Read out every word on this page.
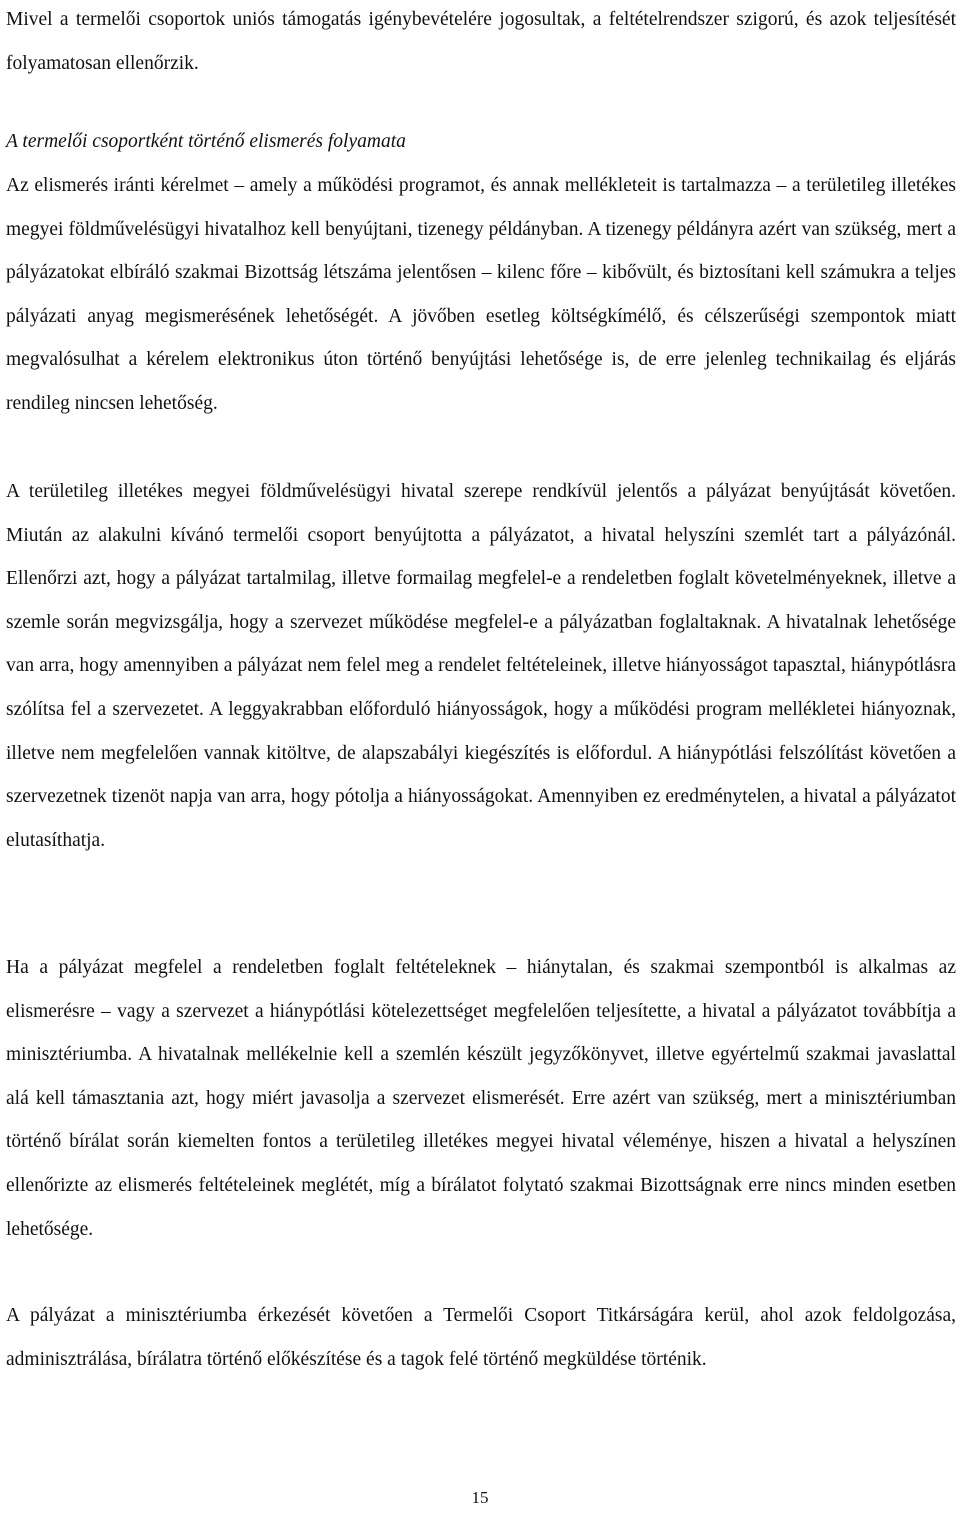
Mivel a termelői csoportok uniós támogatás igénybevételére jogosultak, a feltételrendszer szigorú, és azok teljesítését folyamatosan ellenőrzik.

A termelői csoportként történő elismerés folyamata

Az elismerés iránti kérelmet – amely a működési programot, és annak mellékleteit is tartalmazza – a területileg illetékes megyei földművelésügyi hivatalhoz kell benyújtani, tizenegy példányban. A tizenegy példányra azért van szükség, mert a pályázatokat elbíráló szakmai Bizottság létszáma jelentősen – kilenc főre – kibővült, és biztosítani kell számukra a teljes pályázati anyag megismerésének lehetőségét. A jövőben esetleg költségkímélő, és célszerűségi szempontok miatt megvalósulhat a kérelem elektronikus úton történő benyújtási lehetősége is, de erre jelenleg technikailag és eljárás rendileg nincsen lehetőség.

A területileg illetékes megyei földművelésügyi hivatal szerepe rendkívül jelentős a pályázat benyújtását követően. Miután az alakulni kívánó termelői csoport benyújtotta a pályázatot, a hivatal helyszíni szemlét tart a pályázónál. Ellenőrzi azt, hogy a pályázat tartalmilag, illetve formailag megfelel-e a rendeletben foglalt követelményeknek, illetve a szemle során megvizsgálja, hogy a szervezet működése megfelel-e a pályázatban foglaltaknak. A hivatalnak lehetősége van arra, hogy amennyiben a pályázat nem felel meg a rendelet feltételeinek, illetve hiányosságot tapasztal, hiánypótlásra szólítsa fel a szervezetet. A leggyakrabban előforduló hiányosságok, hogy a működési program mellékletei hiányoznak, illetve nem megfelelően vannak kitöltve, de alapszabályi kiegészítés is előfordul. A hiánypótlási felszólítást követően a szervezetnek tizenöt napja van arra, hogy pótolja a hiányosságokat. Amennyiben ez eredménytelen, a hivatal a pályázatot elutasíthatja.

Ha a pályázat megfelel a rendeletben foglalt feltételeknek – hiánytalan, és szakmai szempontból is alkalmas az elismerésre – vagy a szervezet a hiánypótlási kötelezettséget megfelelően teljesítette, a hivatal a pályázatot továbbítja a minisztériumba. A hivatalnak mellékelnie kell a szemlén készült jegyzőkönyvet, illetve egyértelmű szakmai javaslattal alá kell támasztania azt, hogy miért javasolja a szervezet elismerését. Erre azért van szükség, mert a minisztériumban történő bírálat során kiemelten fontos a területileg illetékes megyei hivatal véleménye, hiszen a hivatal a helyszínen ellenőrizte az elismerés feltételeinek meglétét, míg a bírálatot folytató szakmai Bizottságnak erre nincs minden esetben lehetősége.

A pályázat a minisztériumba érkezését követően a Termelői Csoport Titkárságára kerül, ahol azok feldolgozása, adminisztrálása, bírálatra történő előkészítése és a tagok felé történő megküldése történik.

15
